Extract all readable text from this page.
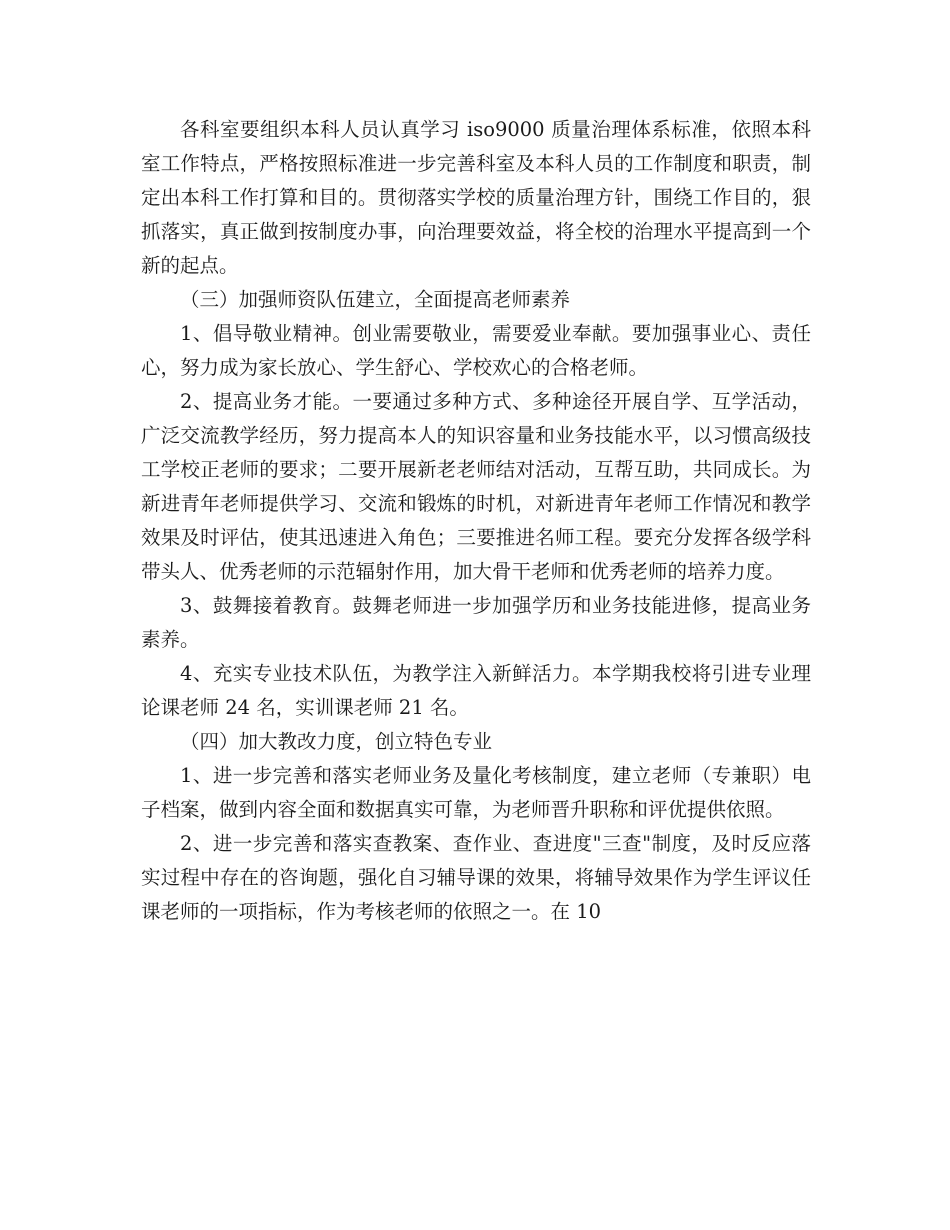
各科室要组织本科人员认真学习 iso9000 质量治理体系标准，依照本科室工作特点，严格按照标准进一步完善科室及本科人员的工作制度和职责，制定出本科工作打算和目的。贯彻落实学校的质量治理方针，围绕工作目的，狠抓落实，真正做到按制度办事，向治理要效益，将全校的治理水平提高到一个新的起点。

（三）加强师资队伍建立，全面提高老师素养

1、倡导敬业精神。创业需要敬业，需要爱业奉献。要加强事业心、责任心，努力成为家长放心、学生舒心、学校欢心的合格老师。

2、提高业务才能。一要通过多种方式、多种途径开展自学、互学活动，广泛交流教学经历，努力提高本人的知识容量和业务技能水平，以习惯高级技工学校正老师的要求；二要开展新老老师结对活动，互帮互助，共同成长。为新进青年老师提供学习、交流和锻炼的时机，对新进青年老师工作情况和教学效果及时评估，使其迅速进入角色；三要推进名师工程。要充分发挥各级学科带头人、优秀老师的示范辐射作用，加大骨干老师和优秀老师的培养力度。

3、鼓舞接着教育。鼓舞老师进一步加强学历和业务技能进修，提高业务素养。

4、充实专业技术队伍，为教学注入新鲜活力。本学期我校将引进专业理论课老师 24 名，实训课老师 21 名。

（四）加大教改力度，创立特色专业

1、进一步完善和落实老师业务及量化考核制度，建立老师（专兼职）电子档案，做到内容全面和数据真实可靠，为老师晋升职称和评优提供依照。

2、进一步完善和落实查教案、查作业、查进度"三查"制度，及时反应落实过程中存在的咨询题，强化自习辅导课的效果，将辅导效果作为学生评议任课老师的一项指标，作为考核老师的依照之一。在 10
